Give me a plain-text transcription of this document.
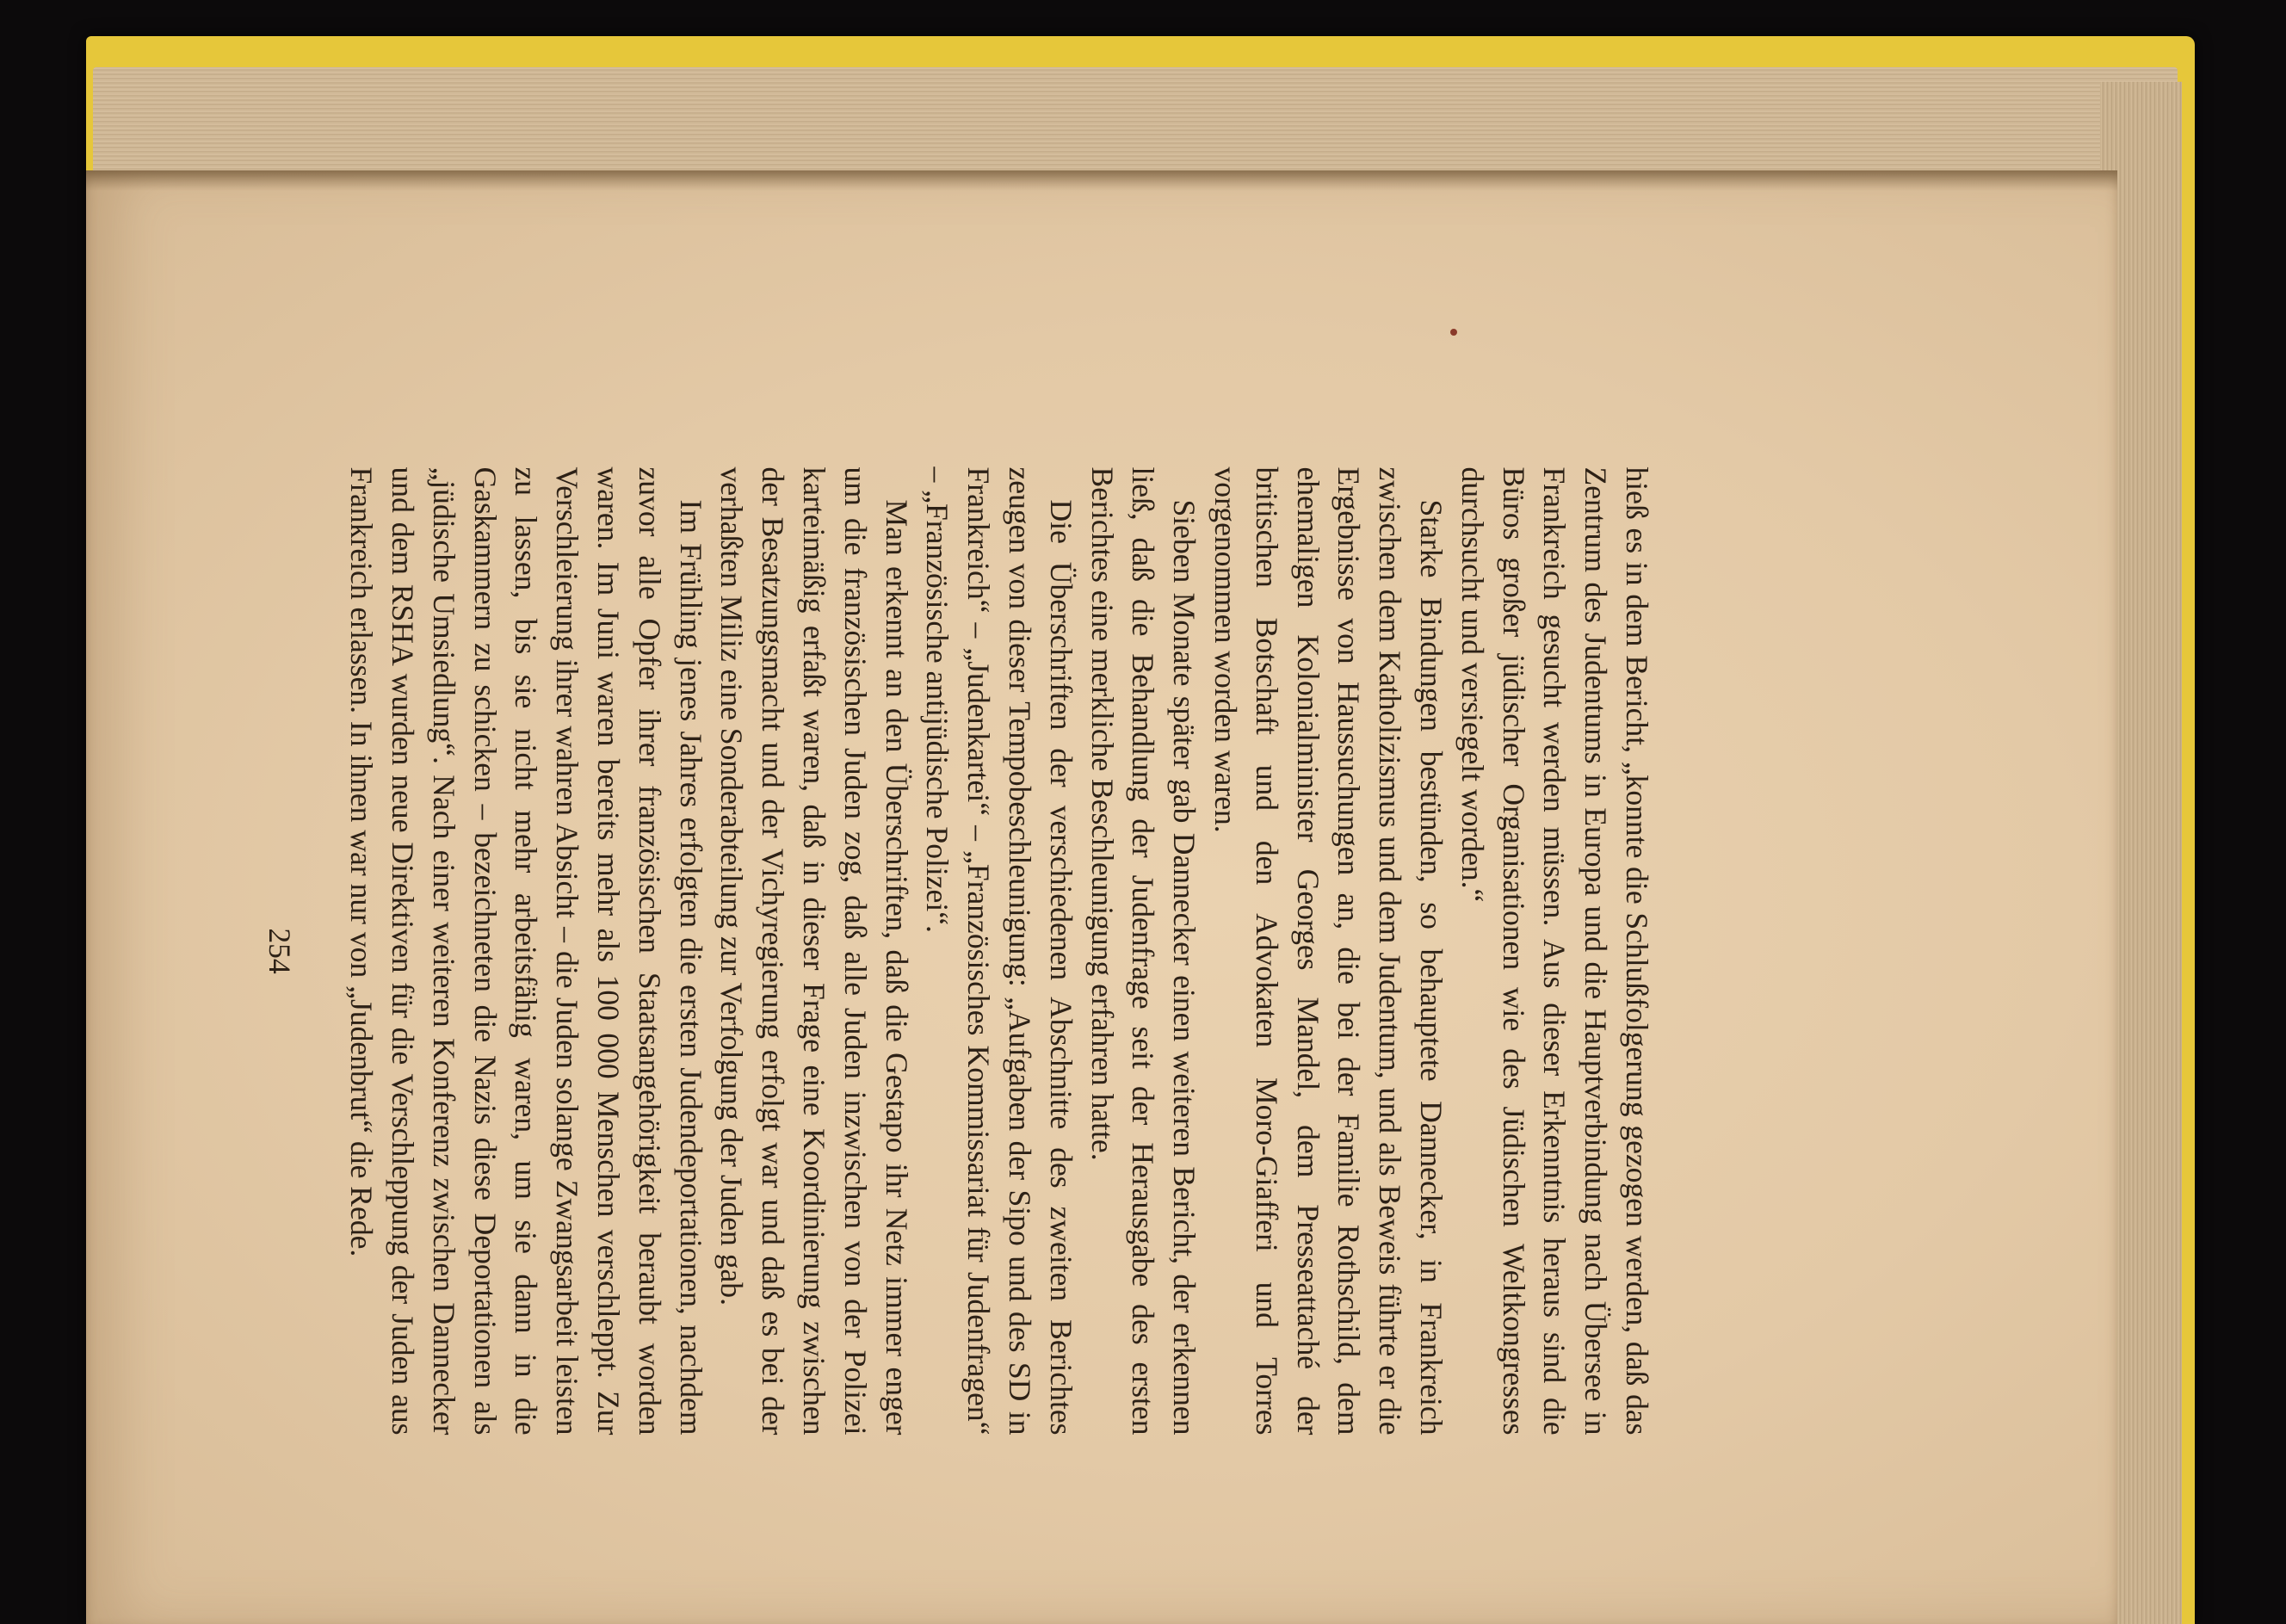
hieß es in dem Bericht, „konnte die Schlußfolgerung gezogen werden, daß das Zentrum des Judentums in Europa und die Hauptverbindung nach Übersee in Frankreich gesucht werden müssen. Aus dieser Erkenntnis heraus sind die Büros großer jüdischer Organisationen wie des Jüdischen Weltkongresses durchsucht und versiegelt worden.“

Starke Bindungen bestünden, so behauptete Dannecker, in Frankreich zwischen dem Katholizismus und dem Judentum, und als Beweis führte er die Ergebnisse von Haussuchungen an, die bei der Familie Rothschild, dem ehemaligen Kolonialminister Georges Mandel, dem Presseattaché der britischen Botschaft und den Advokaten Moro-Giafferi und Torres vorgenommen worden waren.

Sieben Monate später gab Dannecker einen weiteren Bericht, der erkennen ließ, daß die Behandlung der Judenfrage seit der Herausgabe des ersten Berichtes eine merkliche Beschleunigung erfahren hatte.

Die Überschriften der verschiedenen Abschnitte des zweiten Berichtes zeugen von dieser Tempobeschleunigung: „Aufgaben der Sipo und des SD in Frankreich“ – „Judenkartei“ – „Französisches Kommissariat für Judenfragen“ – „Französische antijüdische Polizei“.

Man erkennt an den Überschriften, daß die Gestapo ihr Netz immer enger um die französischen Juden zog, daß alle Juden inzwischen von der Polizei karteimäßig erfaßt waren, daß in dieser Frage eine Koordinierung zwischen der Besatzungsmacht und der Vichyregierung erfolgt war und daß es bei der verhaßten Miliz eine Sonderabteilung zur Verfolgung der Juden gab.

Im Frühling jenes Jahres erfolgten die ersten Judendeportationen, nachdem zuvor alle Opfer ihrer französischen Staatsangehörigkeit beraubt worden waren. Im Juni waren bereits mehr als 100 000 Menschen verschleppt. Zur Verschleierung ihrer wahren Absicht – die Juden solange Zwangsarbeit leisten zu lassen, bis sie nicht mehr arbeitsfähig waren, um sie dann in die Gaskammern zu schicken – bezeichneten die Nazis diese Deportationen als „jüdische Umsiedlung“. Nach einer weiteren Konferenz zwischen Dannecker und dem RSHA wurden neue Direktiven für die Verschleppung der Juden aus Frankreich erlassen. In ihnen war nur von „Judenbrut“ die Rede.

254
